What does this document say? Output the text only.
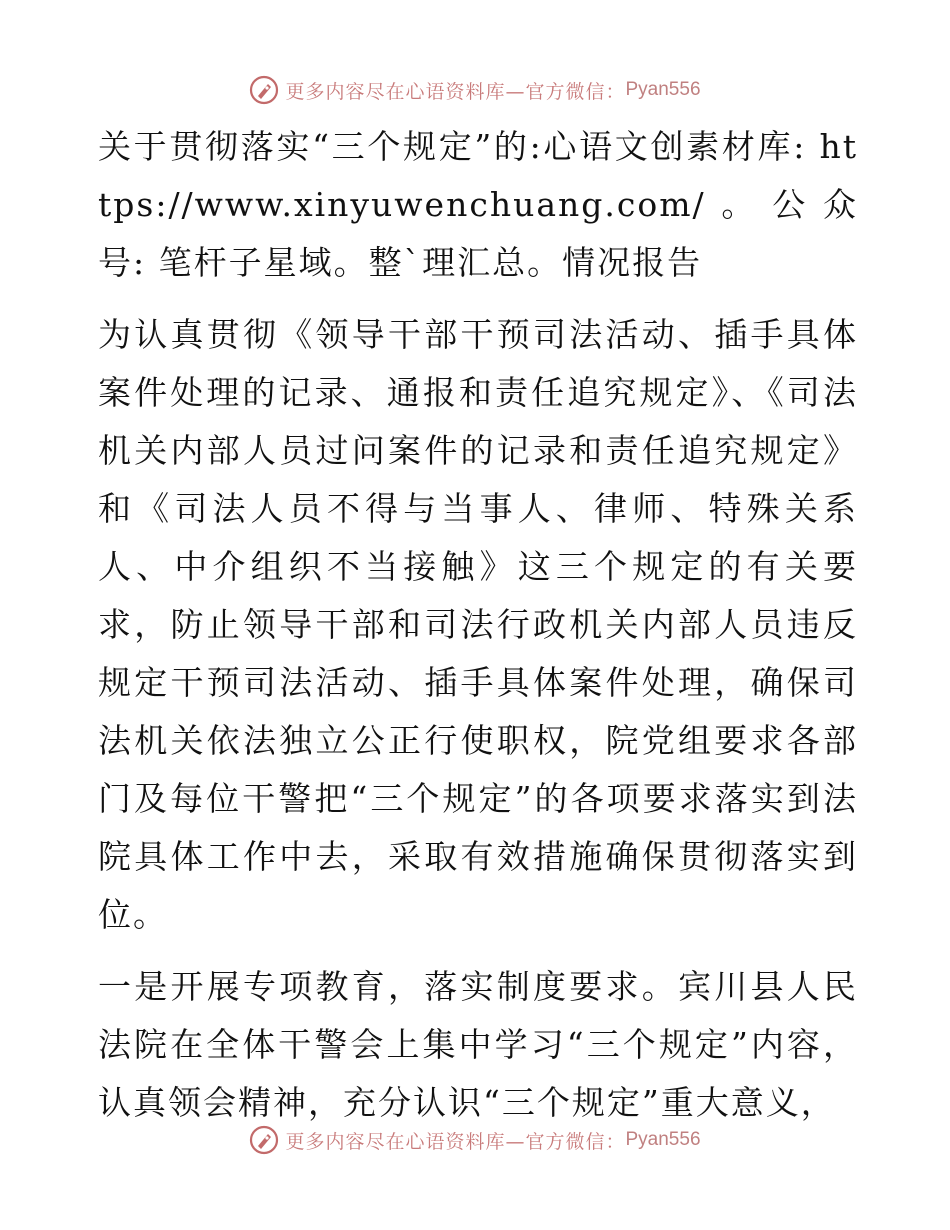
更多内容尽在心语资料库—官方微信： Pyan556

关于贯彻落实“三个规定”的:心语文创素材库: https://www.xinyuwenchuang.com/。公众号: 笔杆子星域。整`理汇总。情况报告

为认真贯彻《领导干部干预司法活动、插手具体案件处理的记录、通报和责任追究规定》、《司法机关内部人员过问案件的记录和责任追究规定》和《司法人员不得与当事人、律师、特殊关系人、中介组织不当接触》这三个规定的有关要求，防止领导干部和司法行政机关内部人员违反规定干预司法活动、插手具体案件处理，确保司法机关依法独立公正行使职权，院党组要求各部门及每位干警把“三个规定”的各项要求落实到法院具体工作中去，采取有效措施确保贯彻落实到位。

一是开展专项教育，落实制度要求。宾川县人民法院在全体干警会上集中学习“三个规定”内容，认真领会精神，充分认识“三个规定”重大意义，

更多内容尽在心语资料库—官方微信： Pyan556
